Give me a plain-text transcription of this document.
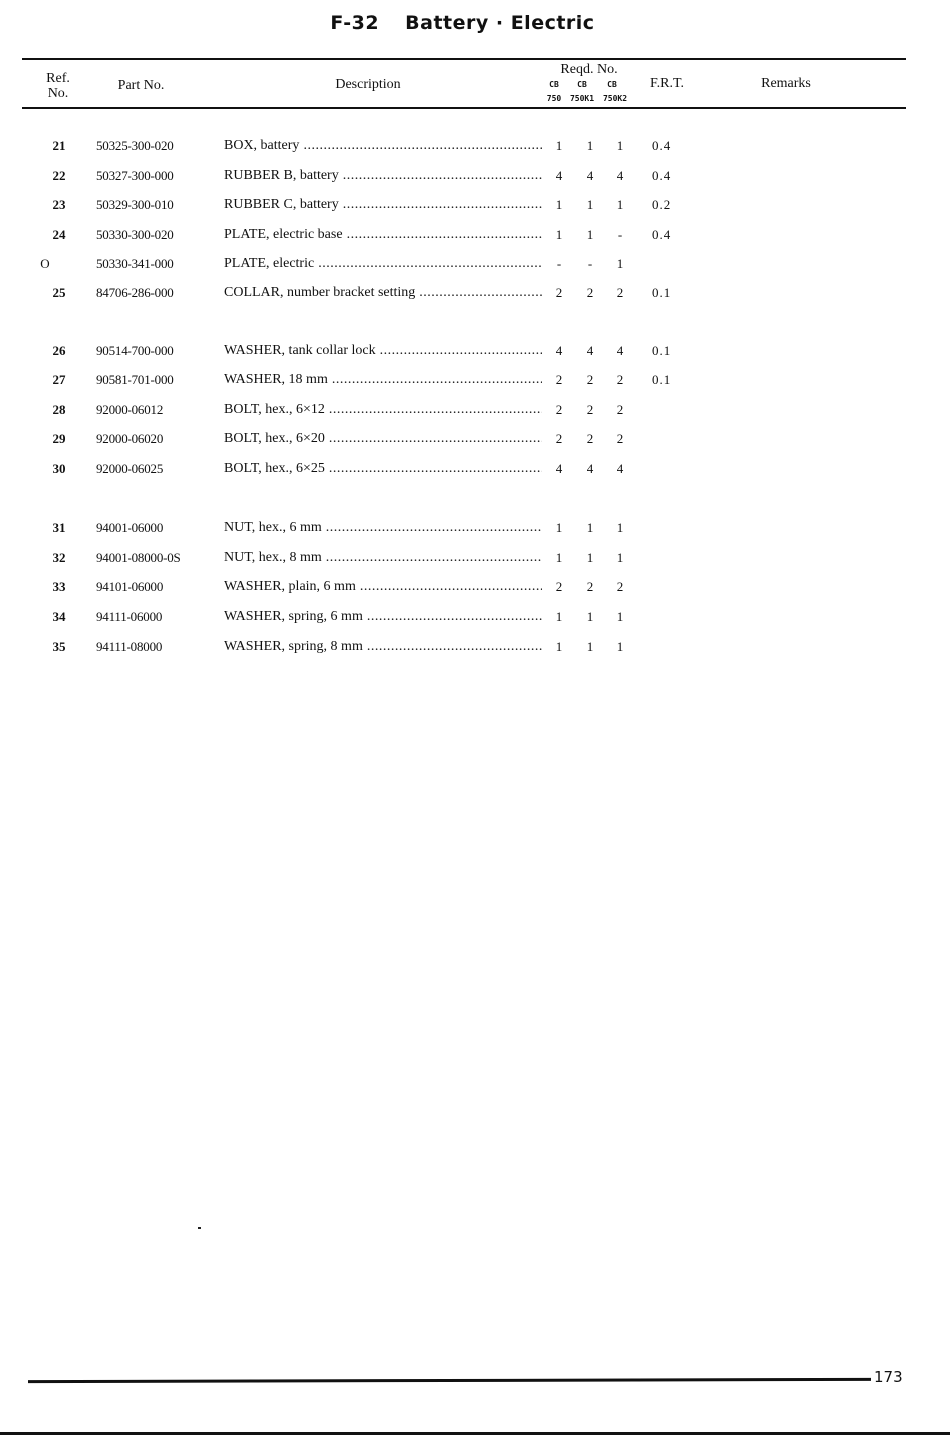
F-32 Battery · Electric
Ref. No.
Part No.	Description
Reqd. No.
CB	CB	CB
750	750K1	750K2
F.R.T.	Remarks
21	50325-300-020	BOX, battery .....	1	1	1	0.4
22	50327-300-000	RUBBER B, battery .....	4	4	4	0.4
23	50329-300-010	RUBBER C, battery .....	1	1	1	0.2
24	50330-300-020	PLATE, electric base .....	1	1	-	0.4
O	50330-341-000	PLATE, electric .....	-	-	1
25	84706-286-000	COLLAR, number bracket setting .....	2	2	2	0.1
26	90514-700-000	WASHER, tank collar lock .....	4	4	4	0.1
27	90581-701-000	WASHER, 18 mm .....	2	2	2	0.1
28	92000-06012	BOLT, hex., 6×12 .....	2	2	2
29	92000-06020	BOLT, hex., 6×20 .....	2	2	2
30	92000-06025	BOLT, hex., 6×25 .....	4	4	4
31	94001-06000	NUT, hex., 6 mm .....	1	1	1
32	94001-08000-0S	NUT, hex., 8 mm .....	1	1	1
33	94101-06000	WASHER, plain, 6 mm .....	2	2	2
34	94111-06000	WASHER, spring, 6 mm .....	1	1	1
35	94111-08000	WASHER, spring, 8 mm .....	1	1	1
173
